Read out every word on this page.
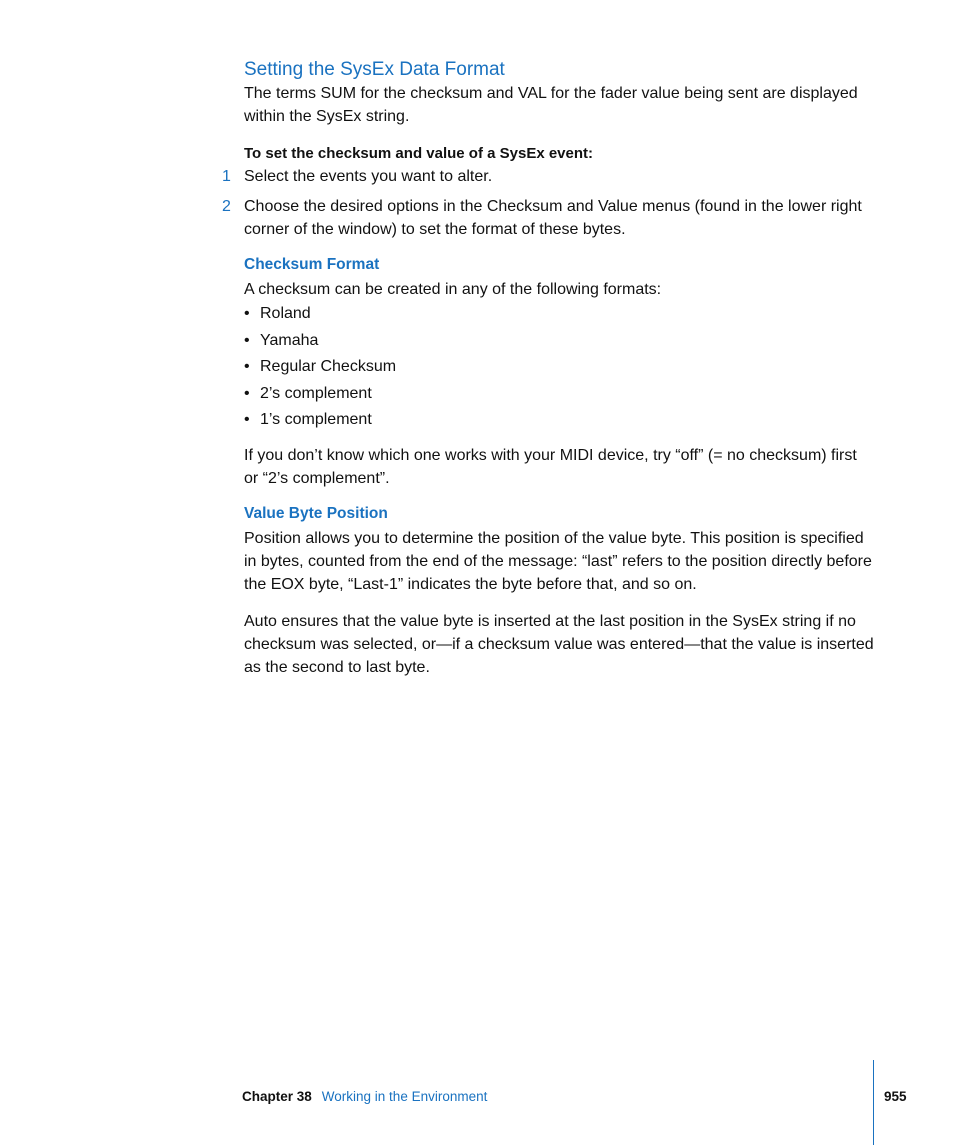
Setting the SysEx Data Format

The terms SUM for the checksum and VAL for the fader value being sent are displayed within the SysEx string.

To set the checksum and value of a SysEx event:

1 Select the events you want to alter.
2 Choose the desired options in the Checksum and Value menus (found in the lower right corner of the window) to set the format of these bytes.
Checksum Format

A checksum can be created in any of the following formats:

• Roland
• Yamaha
• Regular Checksum
• 2’s complement
• 1’s complement

If you don’t know which one works with your MIDI device, try “off” (= no checksum) first or “2’s complement”.

Value Byte Position

Position allows you to determine the position of the value byte. This position is specified in bytes, counted from the end of the message: “last” refers to the position directly before the EOX byte, “Last-1” indicates the byte before that, and so on.

Auto ensures that the value byte is inserted at the last position in the SysEx string if no checksum was selected, or—if a checksum value was entered—that the value is inserted as the second to last byte.

Chapter 38 Working in the Environment	955
